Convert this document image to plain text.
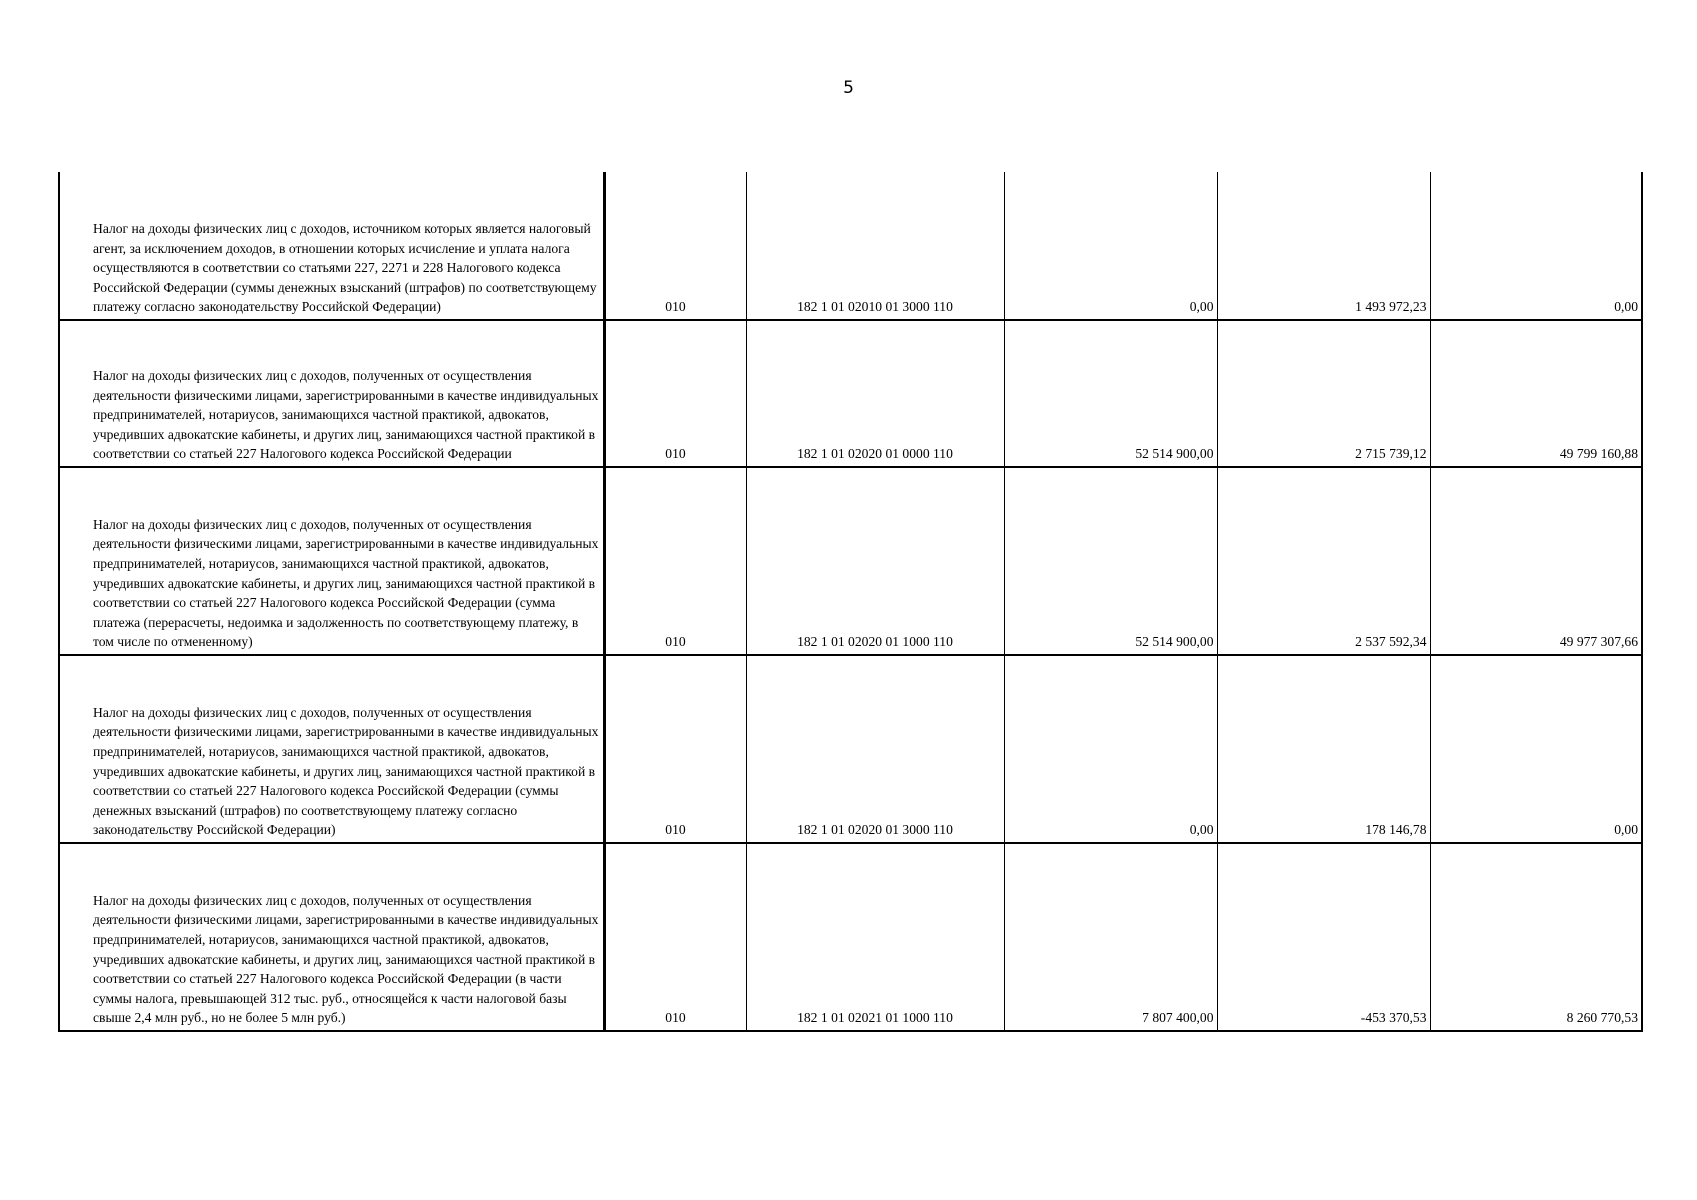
5
Налог на доходы физических лиц с доходов, источником которых является налоговый агент, за исключением доходов, в отношении которых исчисление и уплата налога осуществляются в соответствии со статьями 227, 2271 и 228 Налогового кодекса Российской Федерации (суммы денежных взысканий (штрафов) по соответствующему платежу согласно законодательству Российской Федерации)	010	182 1 01 02010 01 3000 110	0,00	1 493 972,23	0,00
Налог на доходы физических лиц с доходов, полученных от осуществления деятельности физическими лицами, зарегистрированными в качестве индивидуальных предпринимателей, нотариусов, занимающихся частной практикой, адвокатов, учредивших адвокатские кабинеты, и других лиц, занимающихся частной практикой в соответствии со статьей 227 Налогового кодекса Российской Федерации	010	182 1 01 02020 01 0000 110	52 514 900,00	2 715 739,12	49 799 160,88
Налог на доходы физических лиц с доходов, полученных от осуществления деятельности физическими лицами, зарегистрированными в качестве индивидуальных предпринимателей, нотариусов, занимающихся частной практикой, адвокатов, учредивших адвокатские кабинеты, и других лиц, занимающихся частной практикой в соответствии со статьей 227 Налогового кодекса Российской Федерации (сумма платежа (перерасчеты, недоимка и задолженность по соответствующему платежу, в том числе по отмененному)	010	182 1 01 02020 01 1000 110	52 514 900,00	2 537 592,34	49 977 307,66
Налог на доходы физических лиц с доходов, полученных от осуществления деятельности физическими лицами, зарегистрированными в качестве индивидуальных предпринимателей, нотариусов, занимающихся частной практикой, адвокатов, учредивших адвокатские кабинеты, и других лиц, занимающихся частной практикой в соответствии со статьей 227 Налогового кодекса Российской Федерации (суммы денежных взысканий (штрафов) по соответствующему платежу согласно законодательству Российской Федерации)	010	182 1 01 02020 01 3000 110	0,00	178 146,78	0,00
Налог на доходы физических лиц с доходов, полученных от осуществления деятельности физическими лицами, зарегистрированными в качестве индивидуальных предпринимателей, нотариусов, занимающихся частной практикой, адвокатов, учредивших адвокатские кабинеты, и других лиц, занимающихся частной практикой в соответствии со статьей 227 Налогового кодекса Российской Федерации (в части суммы налога, превышающей 312 тыс. руб., относящейся к части налоговой базы свыше 2,4 млн руб., но не более 5 млн руб.)	010	182 1 01 02021 01 1000 110	7 807 400,00	-453 370,53	8 260 770,53
